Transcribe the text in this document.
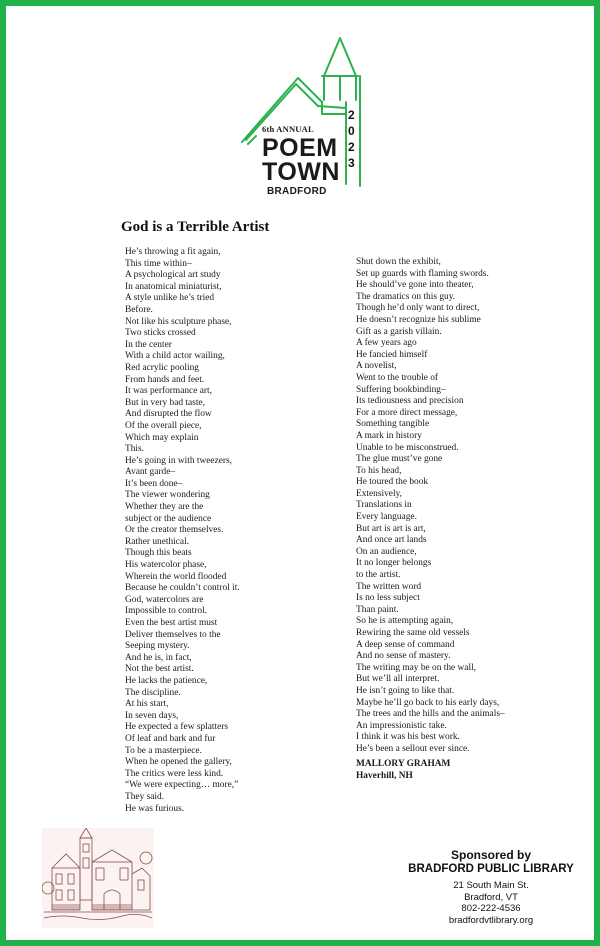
6th ANNUAL
POEM
TOWN
BRADFORD
2
0
2
3
God is a Terrible Artist
He’s throwing a fit again,
This time within–
A psychological art study
In anatomical miniaturist,
A style unlike he’s tried
Before.
Not like his sculpture phase,
Two sticks crossed
In the center
With a child actor wailing,
Red acrylic pooling
From hands and feet.
It was performance art,
But in very bad taste,
And disrupted the flow
Of the overall piece,
Which may explain
This.
He’s going in with tweezers,
Avant garde–
It’s been done–
The viewer wondering
Whether they are the
subject or the audience
Or the creator themselves.
Rather unethical.
Though this beats
His watercolor phase,
Wherein the world flooded
Because he couldn’t control it.
God, watercolors are
Impossible to control.
Even the best artist must
Deliver themselves to the
Seeping mystery.
And he is, in fact,
Not the best artist.
He lacks the patience,
The discipline.
At his start,
In seven days,
He expected a few splatters
Of leaf and bark and fur
To be a masterpiece.
When he opened the gallery,
The critics were less kind.
“We were expecting… more,”
They said.
He was furious.
Shut down the exhibit,
Set up guards with flaming swords.
He should’ve gone into theater,
The dramatics on this guy.
Though he’d only want to direct,
He doesn’t recognize his sublime
Gift as a garish villain.
A few years ago
He fancied himself
A novelist,
Went to the trouble of
Suffering bookbinding–
Its tediousness and precision
For a more direct message,
Something tangible
A mark in history
Unable to be misconstrued.
The glue must’ve gone
To his head,
He toured the book
Extensively,
Translations in
Every language.
But art is art is art,
And once art lands
On an audience,
It no longer belongs
to the artist.
The written word
Is no less subject
Than paint.
So he is attempting again,
Rewiring the same old vessels
A deep sense of command
And no sense of mastery.
The writing may be on the wall,
But we’ll all interpret.
He isn’t going to like that.
Maybe he’ll go back to his early days,
The trees and the hills and the animals–
An impressionistic take.
I think it was his best work.
He’s been a sellout ever since.
MALLORY GRAHAM
Haverhill, NH
Sponsored by
BRADFORD PUBLIC LIBRARY
21 South Main St.
Bradford, VT
802-222-4536
bradfordvtlibrary.org
